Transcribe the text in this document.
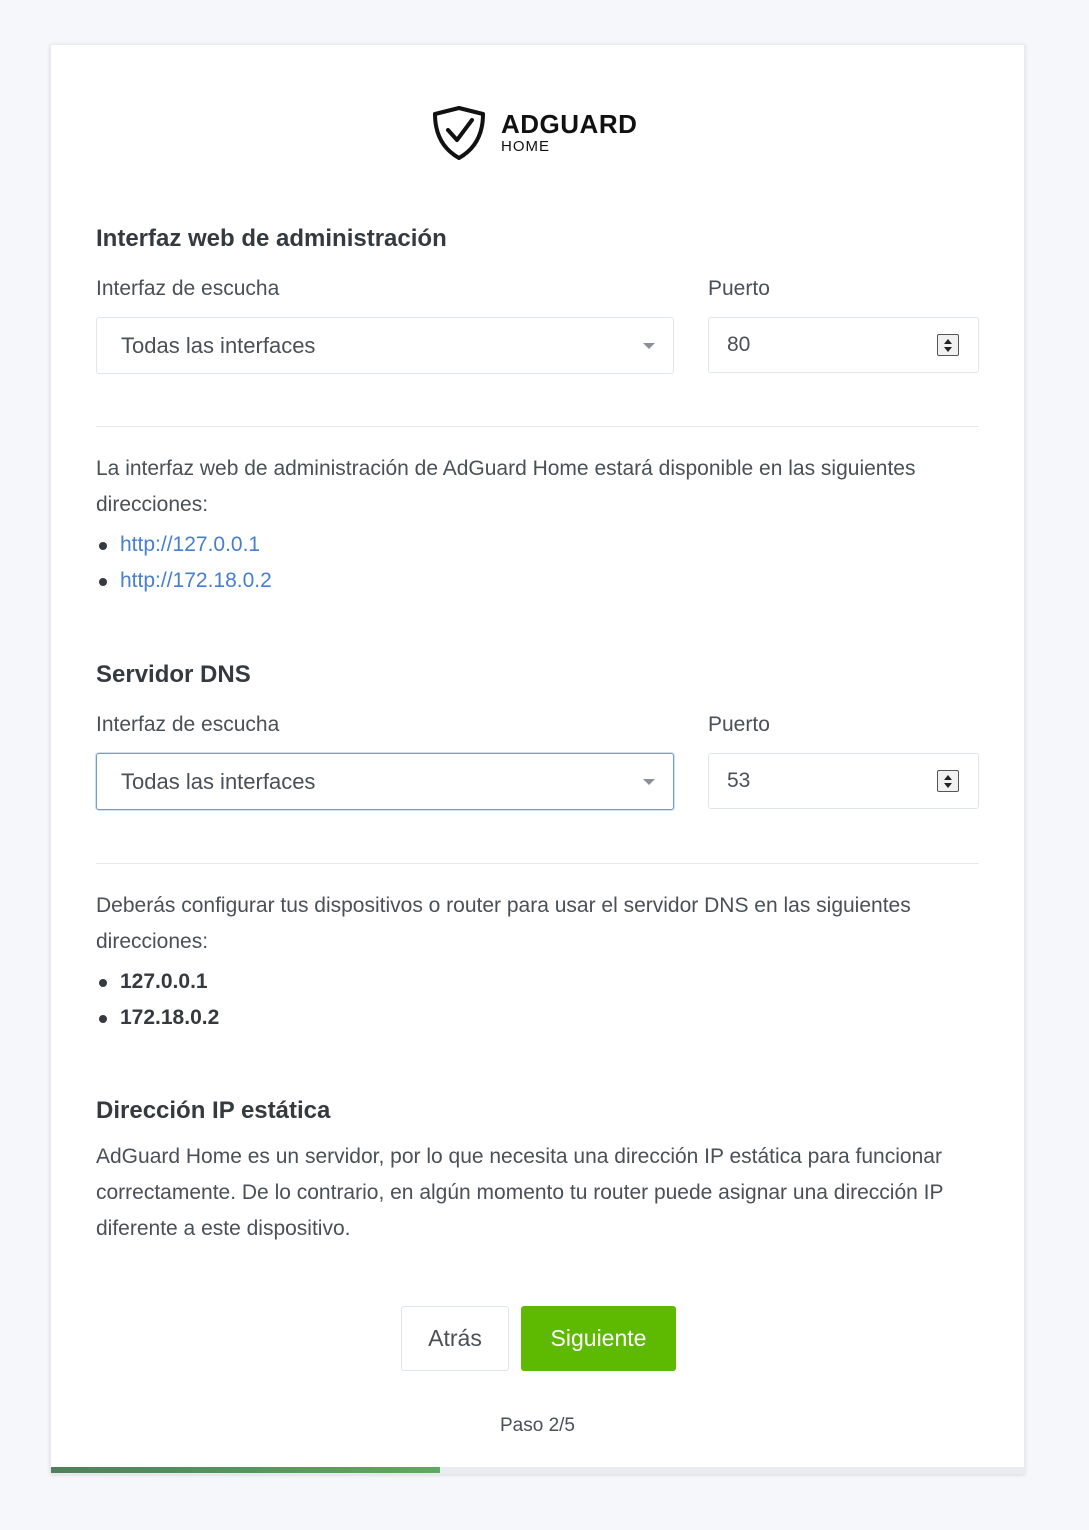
ADGUARD
HOME
Interfaz web de administración
Interfaz de escucha
Todas las interfaces
Puerto
80

La interfaz web de administración de AdGuard Home estará disponible en las siguientes direcciones:

http://127.0.0.1
http://172.18.0.2
Servidor DNS
Interfaz de escucha
Todas las interfaces
Puerto
53

Deberás configurar tus dispositivos o router para usar el servidor DNS en las siguientes direcciones:

127.0.0.1
172.18.0.2
Dirección IP estática

AdGuard Home es un servidor, por lo que necesita una dirección IP estática para funcionar correctamente. De lo contrario, en algún momento tu router puede asignar una dirección IP diferente a este dispositivo.

Atrás	Siguiente
Paso 2/5
